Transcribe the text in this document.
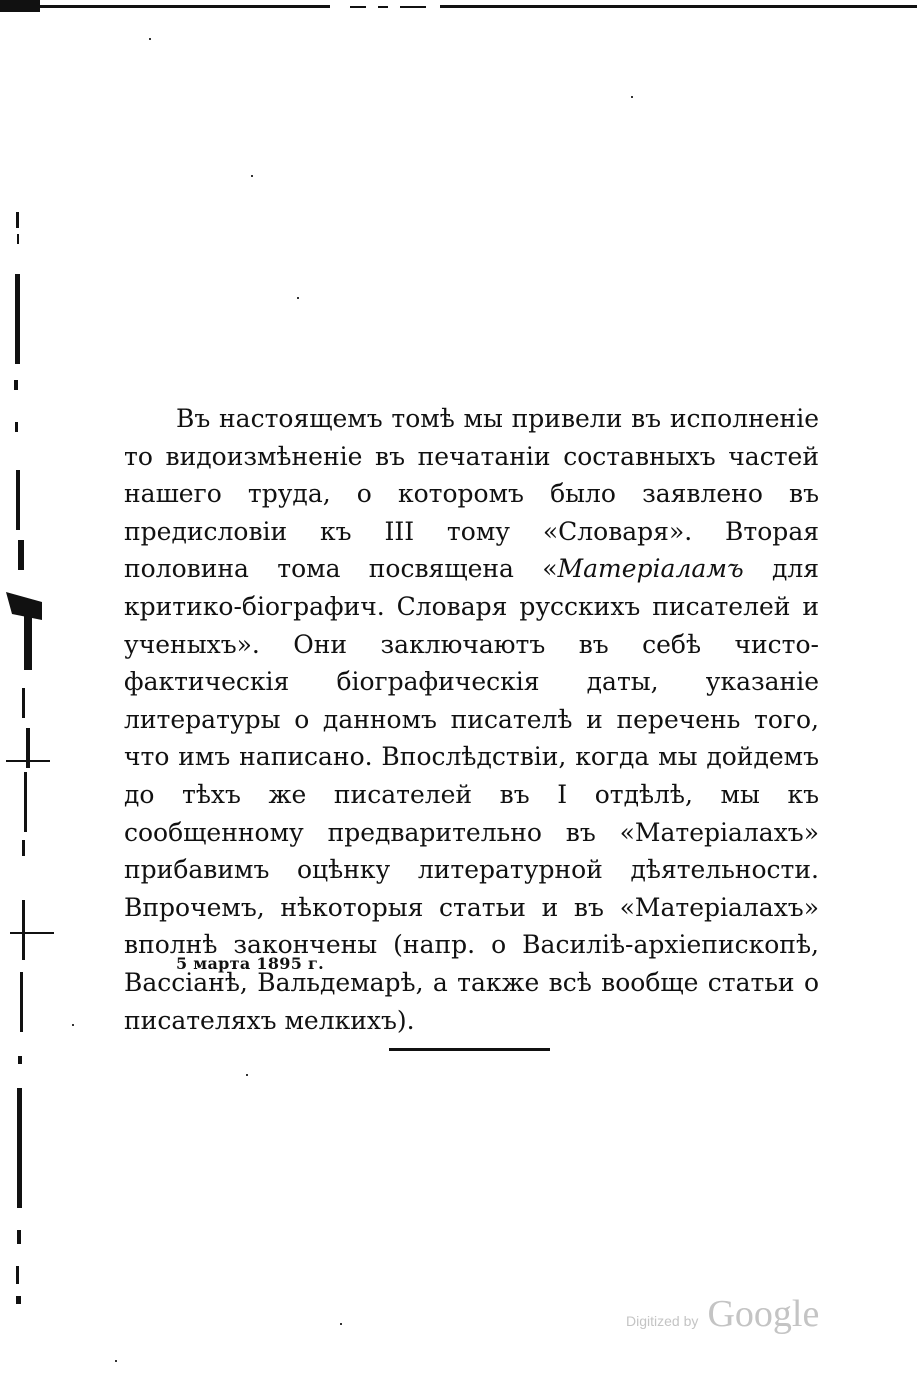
Въ настоящемъ томѣ мы привели въ исполненіе то видоизмѣненіе въ печатаніи составныхъ частей нашего труда, о которомъ было заявлено въ предисловіи къ III тому «Словаря». Вторая половина тома посвящена «Матеріаламъ для критико-біографич. Словаря русскихъ писателей и ученыхъ». Они заключаютъ въ себѣ чисто-фактическія біографическія даты, указаніе литературы о данномъ писателѣ и перечень того, что имъ написано. Впослѣдствіи, когда мы дойдемъ до тѣхъ же писателей въ I отдѣлѣ, мы къ сообщенному предварительно въ «Матеріалахъ» прибавимъ оцѣнку литературной дѣятельности. Впрочемъ, нѣкоторыя статьи и въ «Матеріалахъ» вполнѣ закончены (напр. о Василіѣ-архіепископѣ, Вассіанѣ, Вальдемарѣ, а также всѣ вообще статьи о писателяхъ мелкихъ).

5 марта 1895 г.

Digitized by Google
